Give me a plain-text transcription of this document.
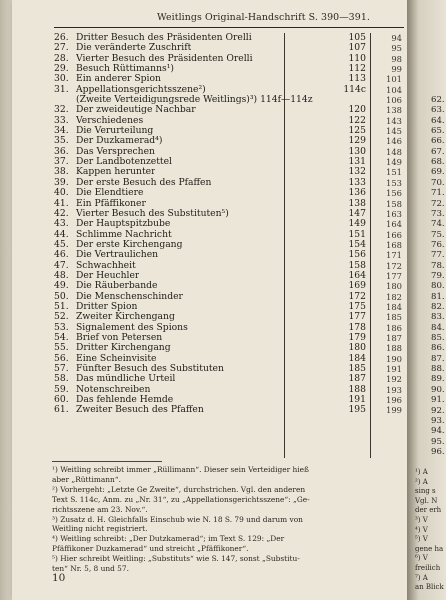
Weitlings Original-Handschrift S. 390—391.
26. Dritter Besuch des Präsidenten Orelli	105	94
27. Die veränderte Zuschrift	107	95
28. Vierter Besuch des Präsidenten Orelli	110	98
29. Besuch Rüttimanns¹)	112	99
30. Ein anderer Spion	113	101
31. Appellationsgerichtsszene²)	114c	104
(Zweite Verteidigungsrede Weitlings)³) 114f—114z	106
32. Der zweideutige Nachbar	120	138
33. Verschiedenes	122	143
34. Die Verurteilung	125	145
35. Der Duzkamerad⁴)	129	146
36. Das Versprechen	130	148
37. Der Landbotenzettel	131	149
38. Kappen herunter	132	151
39. Der erste Besuch des Pfaffen	133	153
40. Die Elendtiere	136	156
41. Ein Pfäffikoner	138	158
42. Vierter Besuch des Substituten⁵)	147	163
43. Der Hauptspitzbube	149	164
44. Schlimme Nachricht	151	166
45. Der erste Kirchengang	154	168
46. Die Vertraulichen	156	171
47. Schwachheit	158	172
48. Der Heuchler	164	177
49. Die Räuberbande	169	180
50. Die Menschenschinder	172	182
51. Dritter Spion	175	184
52. Zweiter Kirchengang	177	185
53. Signalement des Spions	178	186
54. Brief von Petersen	179	187
55. Dritter Kirchengang	180	188
56. Eine Scheinvisite	184	190
57. Fünfter Besuch des Substituten	185	191
58. Das mündliche Urteil	187	192
59. Notenschreiben	188	193
60. Das fehlende Hemde	191	196
61. Zweiter Besuch des Pfaffen	195	199
¹) Weitling schreibt immer „Rüllimann“. Dieser sein Verteidiger hieß
aber „Rüttimann“.
²) Vorhergeht: „Letzte Ge Zweite“, durchstrichen. Vgl. den anderen
Text S. 114c, Anm. zu „Nr. 31“, zu „Appellationsgerichtsszene“: „Ge-
richtsszene am 23. Nov.“.
³) Zusatz d. H. Gleichfalls Einschub wie N. 18 S. 79 und darum von
Weitling nicht registriert.
⁴) Weitling schreibt: „Der Dutzkamerad“; im Text S. 129: „Der
Pfäffikoner Duzkamerad“ und streicht „Pfäffikoner“.
⁵) Hier schreibt Weitling: „Substituts“ wie S. 147, sonst „Substitu-
ten“ Nr. 5, 8 und 57.
10
62.
63.
64.
65.
66.
67.
68.
69.
70.
71.
72.
73.
74.
75.
76.
77.
78.
79.
80.
81.
82.
83.
84.
85.
86.
87.
88.
89.
90.
91.
92.
93.
94.
95.
96.
¹) A
²) A
sing s
Vgl. N
der erh
³) V
⁴) V
⁵) V
gene ha
⁶) V
freilich
⁷) A
an Blick
